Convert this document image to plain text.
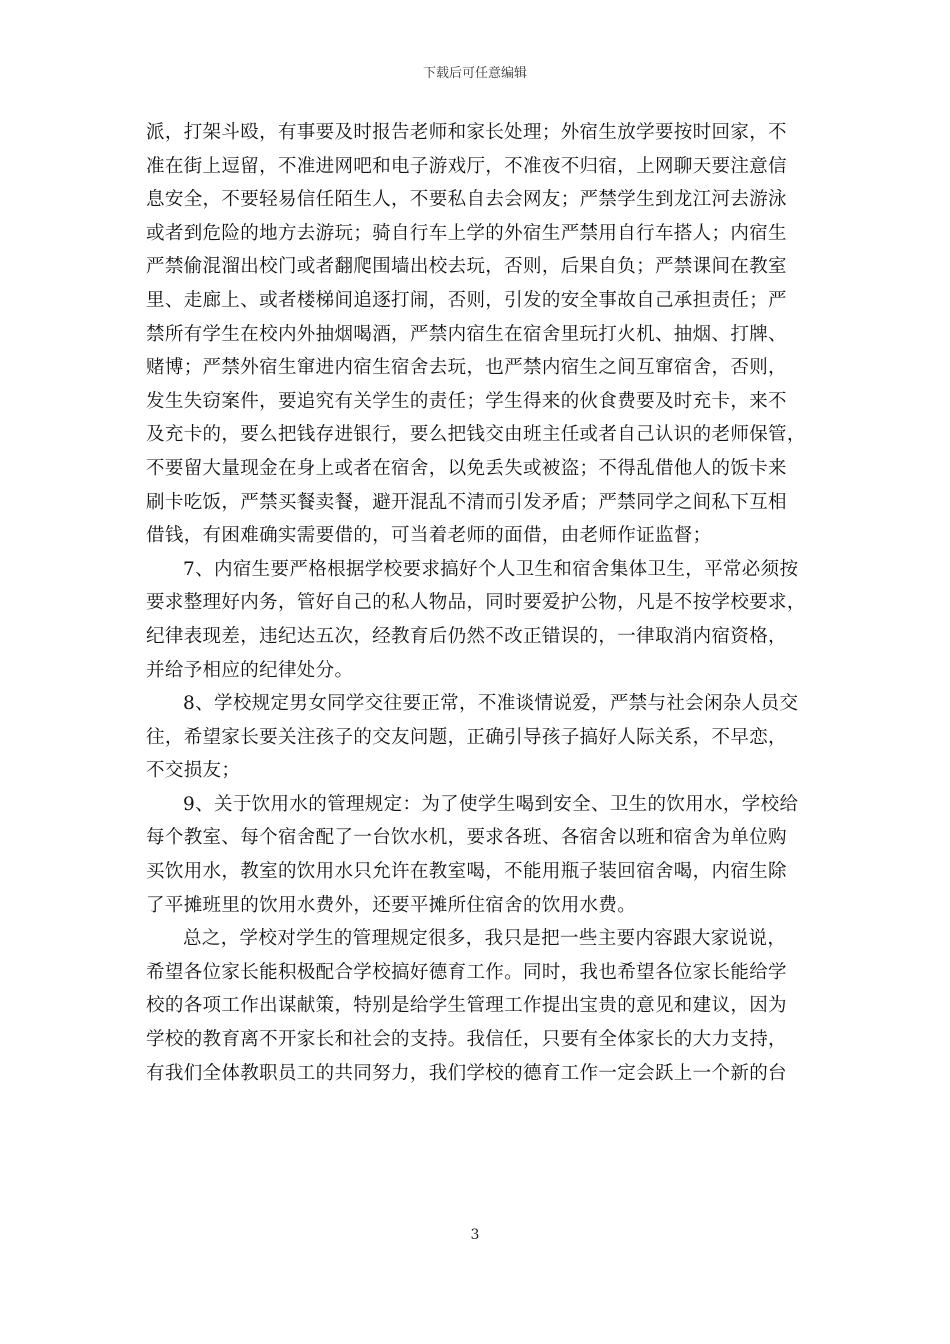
下载后可任意编辑
派，打架斗殴，有事要及时报告老师和家长处理；外宿生放学要按时回家，不
准在街上逗留，不准进网吧和电子游戏厅，不准夜不归宿，上网聊天要注意信
息安全，不要轻易信任陌生人，不要私自去会网友；严禁学生到龙江河去游泳
或者到危险的地方去游玩；骑自行车上学的外宿生严禁用自行车搭人；内宿生
严禁偷混溜出校门或者翻爬围墙出校去玩，否则，后果自负；严禁课间在教室
里、走廊上、或者楼梯间追逐打闹，否则，引发的安全事故自己承担责任；严
禁所有学生在校内外抽烟喝酒，严禁内宿生在宿舍里玩打火机、抽烟、打牌、
赌博；严禁外宿生窜进内宿生宿舍去玩，也严禁内宿生之间互窜宿舍，否则，
发生失窃案件，要追究有关学生的责任；学生得来的伙食费要及时充卡，来不
及充卡的，要么把钱存进银行，要么把钱交由班主任或者自己认识的老师保管，
不要留大量现金在身上或者在宿舍，以免丢失或被盗；不得乱借他人的饭卡来
刷卡吃饭，严禁买餐卖餐，避开混乱不清而引发矛盾；严禁同学之间私下互相
借钱，有困难确实需要借的，可当着老师的面借，由老师作证监督；
7、内宿生要严格根据学校要求搞好个人卫生和宿舍集体卫生，平常必须按
要求整理好内务，管好自己的私人物品，同时要爱护公物，凡是不按学校要求，
纪律表现差，违纪达五次，经教育后仍然不改正错误的，一律取消内宿资格，
并给予相应的纪律处分。
8、学校规定男女同学交往要正常，不准谈情说爱，严禁与社会闲杂人员交
往，希望家长要关注孩子的交友问题，正确引导孩子搞好人际关系，不早恋，
不交损友；
9、关于饮用水的管理规定：为了使学生喝到安全、卫生的饮用水，学校给
每个教室、每个宿舍配了一台饮水机，要求各班、各宿舍以班和宿舍为单位购
买饮用水，教室的饮用水只允许在教室喝，不能用瓶子装回宿舍喝，内宿生除
了平摊班里的饮用水费外，还要平摊所住宿舍的饮用水费。
总之，学校对学生的管理规定很多，我只是把一些主要内容跟大家说说，
希望各位家长能积极配合学校搞好德育工作。同时，我也希望各位家长能给学
校的各项工作出谋献策，特别是给学生管理工作提出宝贵的意见和建议，因为
学校的教育离不开家长和社会的支持。我信任，只要有全体家长的大力支持，
有我们全体教职员工的共同努力，我们学校的德育工作一定会跃上一个新的台
3
